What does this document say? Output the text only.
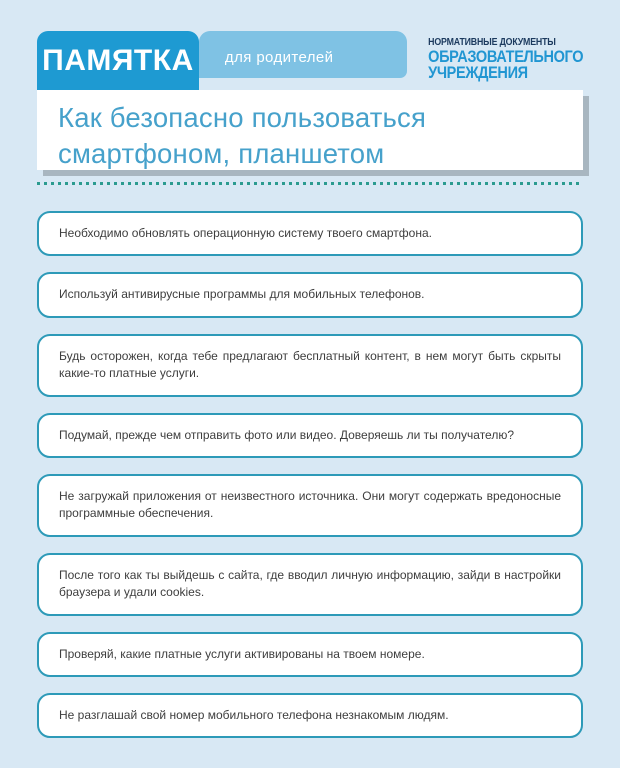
ПАМЯТКА для родителей
НОРМАТИВНЫЕ ДОКУМЕНТЫ
ОБРАЗОВАТЕЛЬНОГО
УЧРЕЖДЕНИЯ
Как безопасно пользоваться смартфоном, планшетом
Необходимо обновлять операционную систему твоего смартфона.
Используй антивирусные программы для мобильных телефонов.
Будь осторожен, когда тебе предлагают бесплатный контент, в нем могут быть скрыты какие-то платные услуги.
Подумай, прежде чем отправить фото или видео. Доверяешь ли ты получателю?
Не загружай приложения от неизвестного источника. Они могут содержать вредоносные программные обеспечения.
После того как ты выйдешь с сайта, где вводил личную информацию, зайди в настройки браузера и удали cookies.
Проверяй, какие платные услуги активированы на твоем номере.
Не разглашай свой номер мобильного телефона незнакомым людям.
